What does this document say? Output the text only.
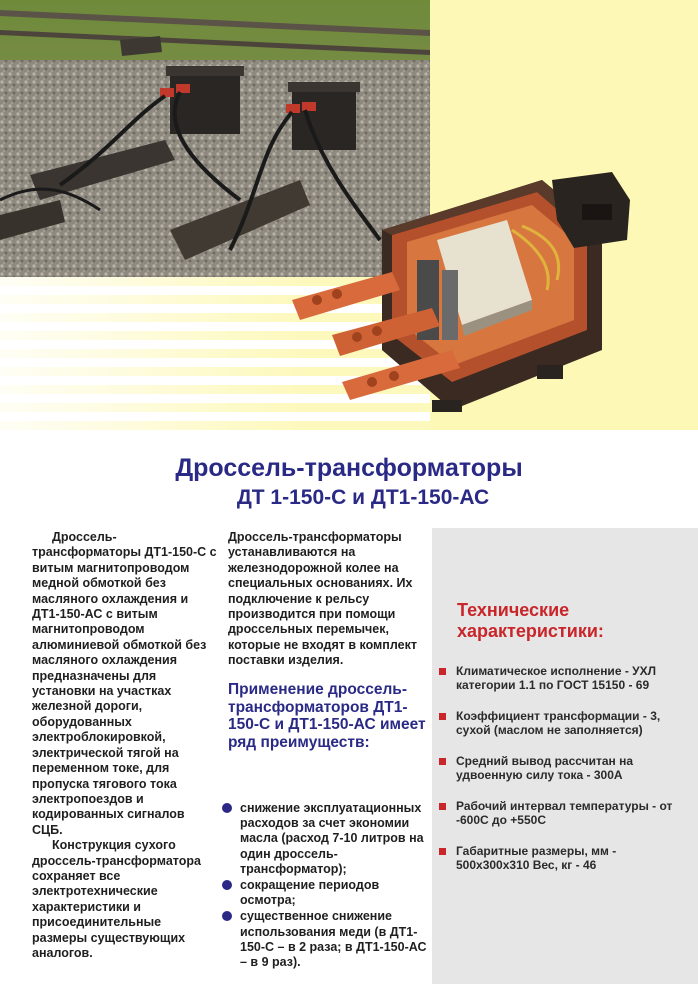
Дроссель-трансформаторы
ДТ 1-150-С и ДТ1-150-АС
Технические характеристики:
Климатическое исполнение - УХЛ категории 1.1 по ГОСТ 15150 - 69
Коэффициент трансформации - 3, сухой (маслом не заполняется)
Средний вывод рассчитан на удвоенную силу тока - 300А
Рабочий интервал температуры - от -600С до +550С
Габаритные размеры, мм - 500х300х310 Вес, кг - 46

Дроссель-трансформаторы ДТ1-150-С с витым магнитопроводом медной обмоткой без масляного охлаждения и ДТ1-150-АС с витым магнитопроводом алюминиевой обмоткой без масляного охлаждения предназначены для установки на участках железной дороги, оборудованных электроблокировкой, электрической тягой на переменном токе, для пропуска тягового тока электропоездов и кодированных сигналов СЦБ.

Конструкция сухого дроссель-трансформатора сохраняет все электротехнические характеристики и присоединительные размеры существующих аналогов.

Дроссель-трансформаторы устанавливаются на железнодорожной колее на специальных основаниях. Их подключение к рельсу производится при помощи дроссельных перемычек, которые не входят в комплект поставки изделия.

Применение дроссель-трансформаторов ДТ1-150-С и ДТ1-150-АС имеет ряд преимуществ:
снижение эксплуатационных расходов за счет экономии масла (расход 7-10 литров на один дроссель-трансформатор);
сокращение периодов осмотра;
существенное снижение использования меди (в ДТ1-150-С – в 2 раза; в ДТ1-150-АС – в 9 раз).
